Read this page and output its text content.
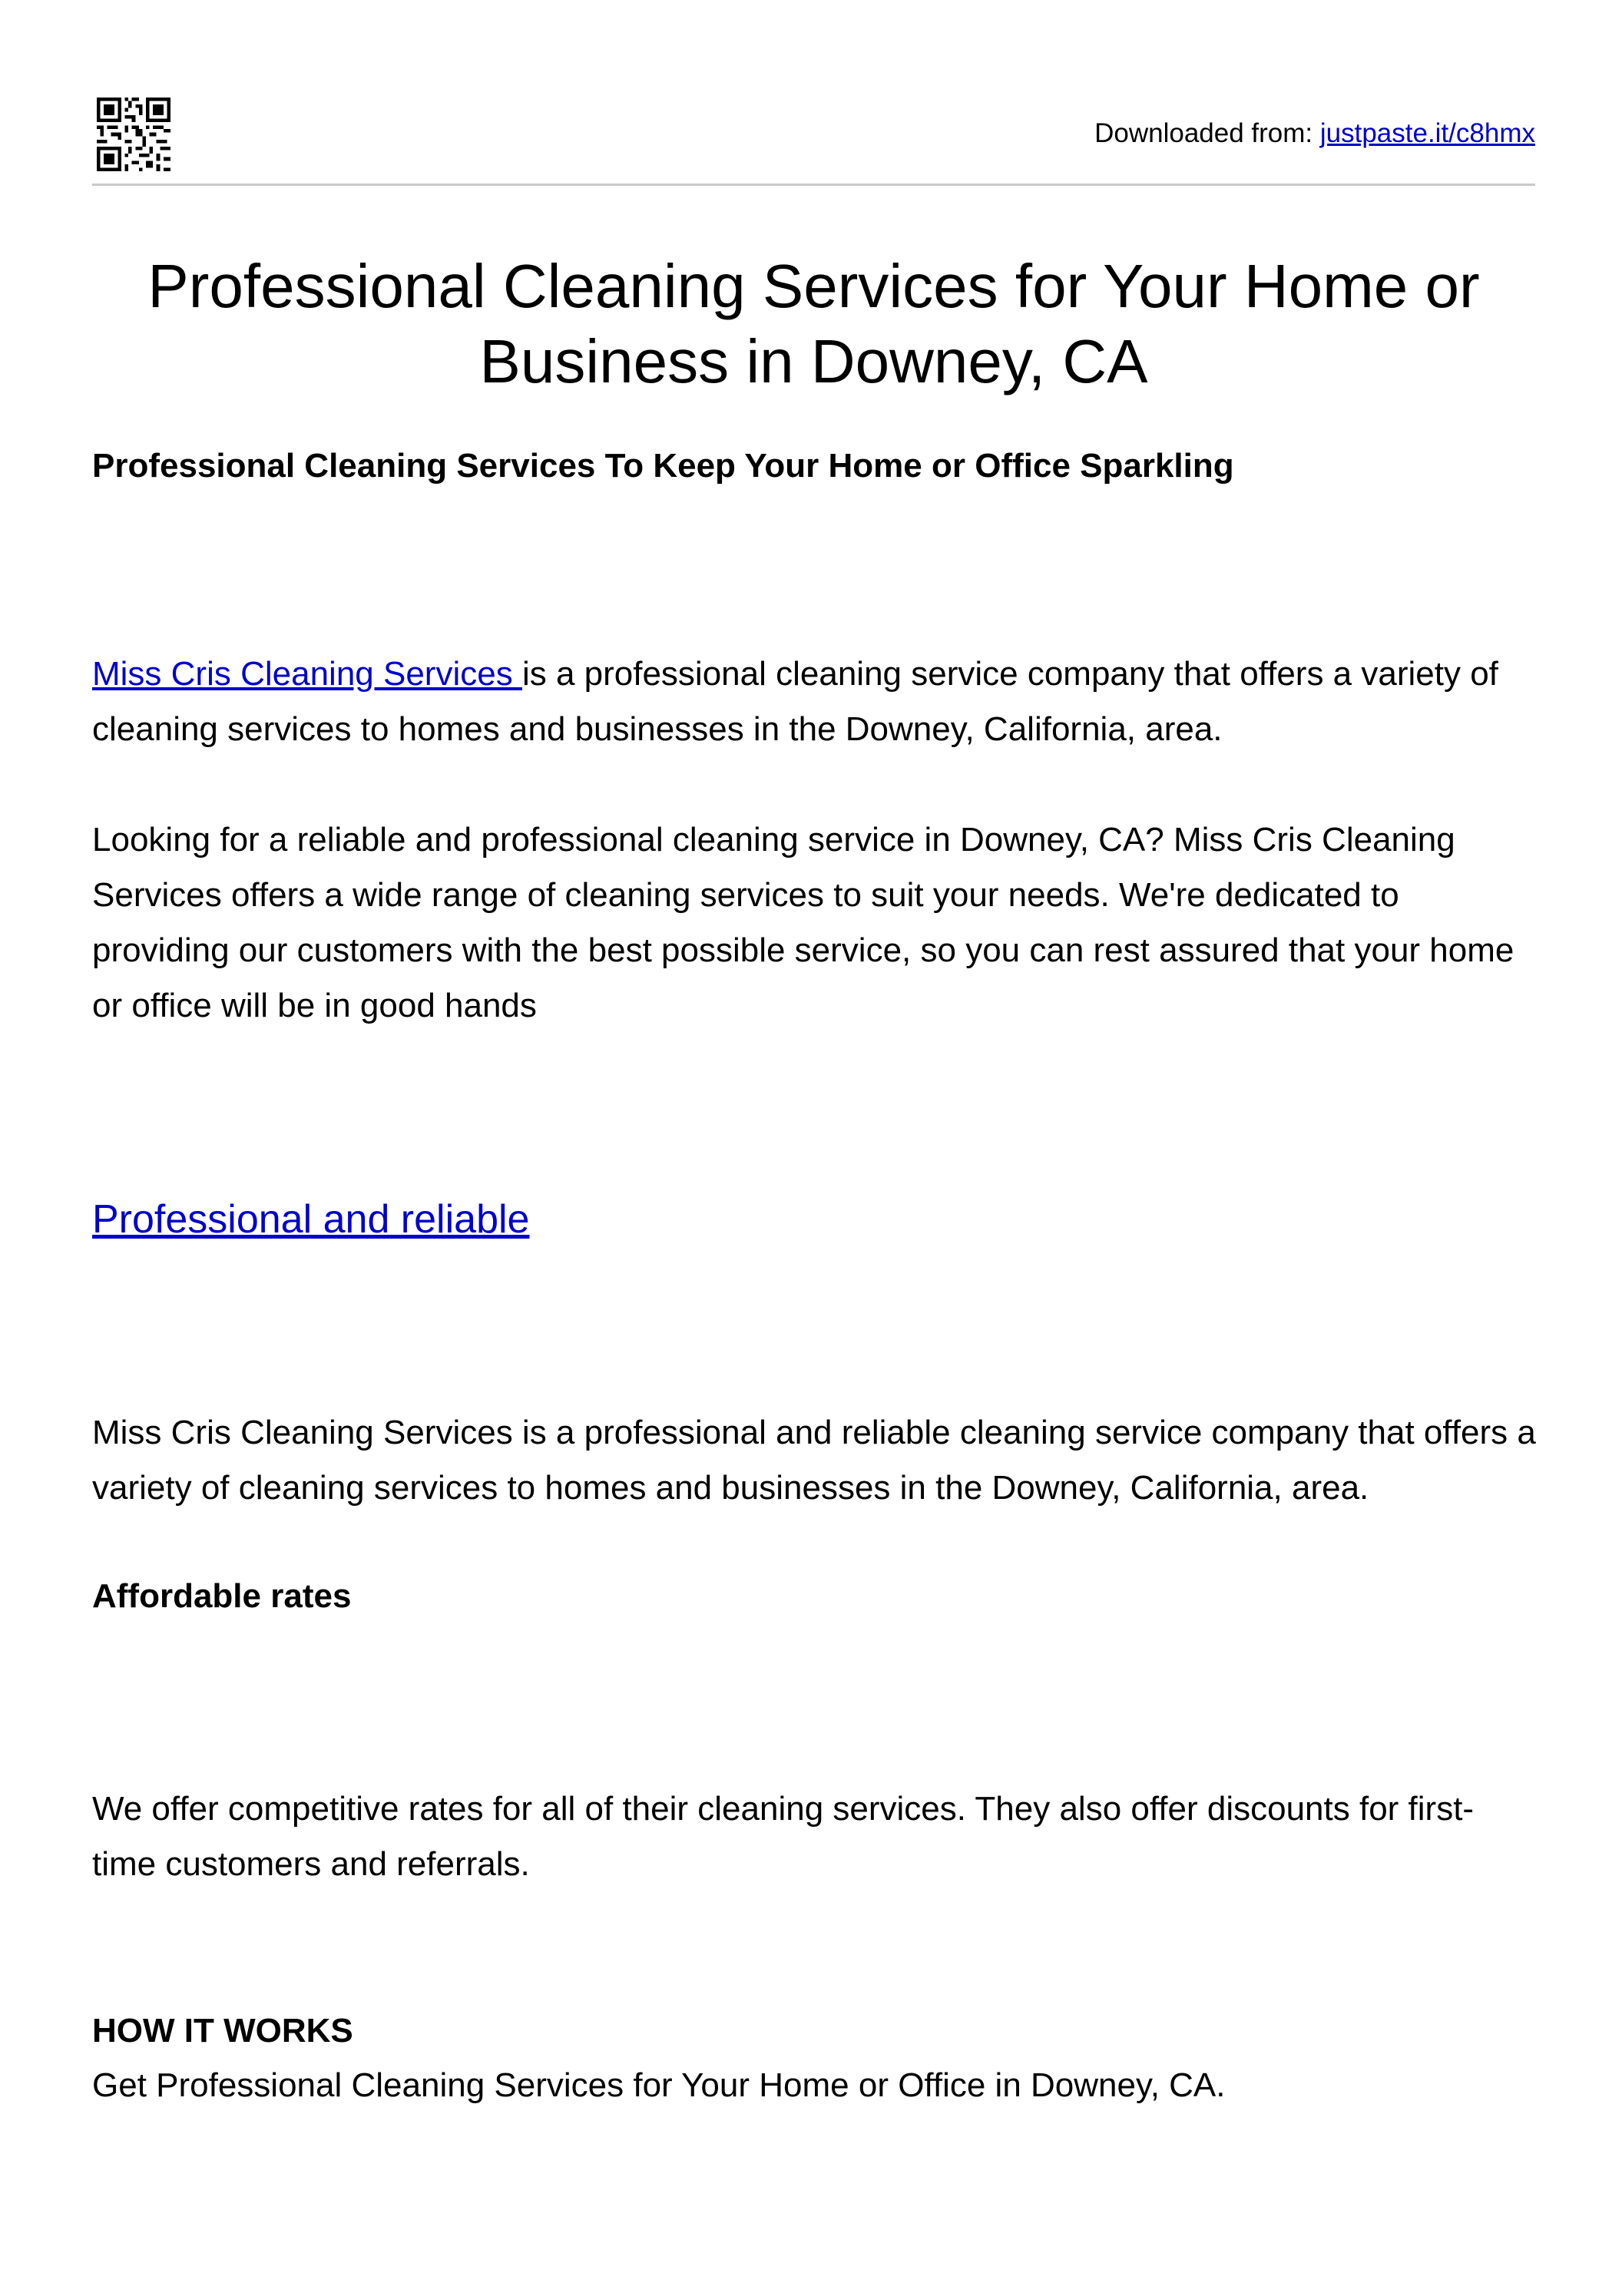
Downloaded from: justpaste.it/c8hmx
Professional Cleaning Services for Your Home or Business in Downey, CA
Professional Cleaning Services To Keep Your Home or Office Sparkling

Miss Cris Cleaning Services is a professional cleaning service company that offers a variety of cleaning services to homes and businesses in the Downey, California, area.

Looking for a reliable and professional cleaning service in Downey, CA? Miss Cris Cleaning Services offers a wide range of cleaning services to suit your needs. We're dedicated to providing our customers with the best possible service, so you can rest assured that your home or office will be in good hands

Professional and reliable

Miss Cris Cleaning Services is a professional and reliable cleaning service company that offers a variety of cleaning services to homes and businesses in the Downey, California, area.

Affordable rates

We offer competitive rates for all of their cleaning services. They also offer discounts for first-time customers and referrals.

HOW IT WORKS

Get Professional Cleaning Services for Your Home or Office in Downey, CA.
